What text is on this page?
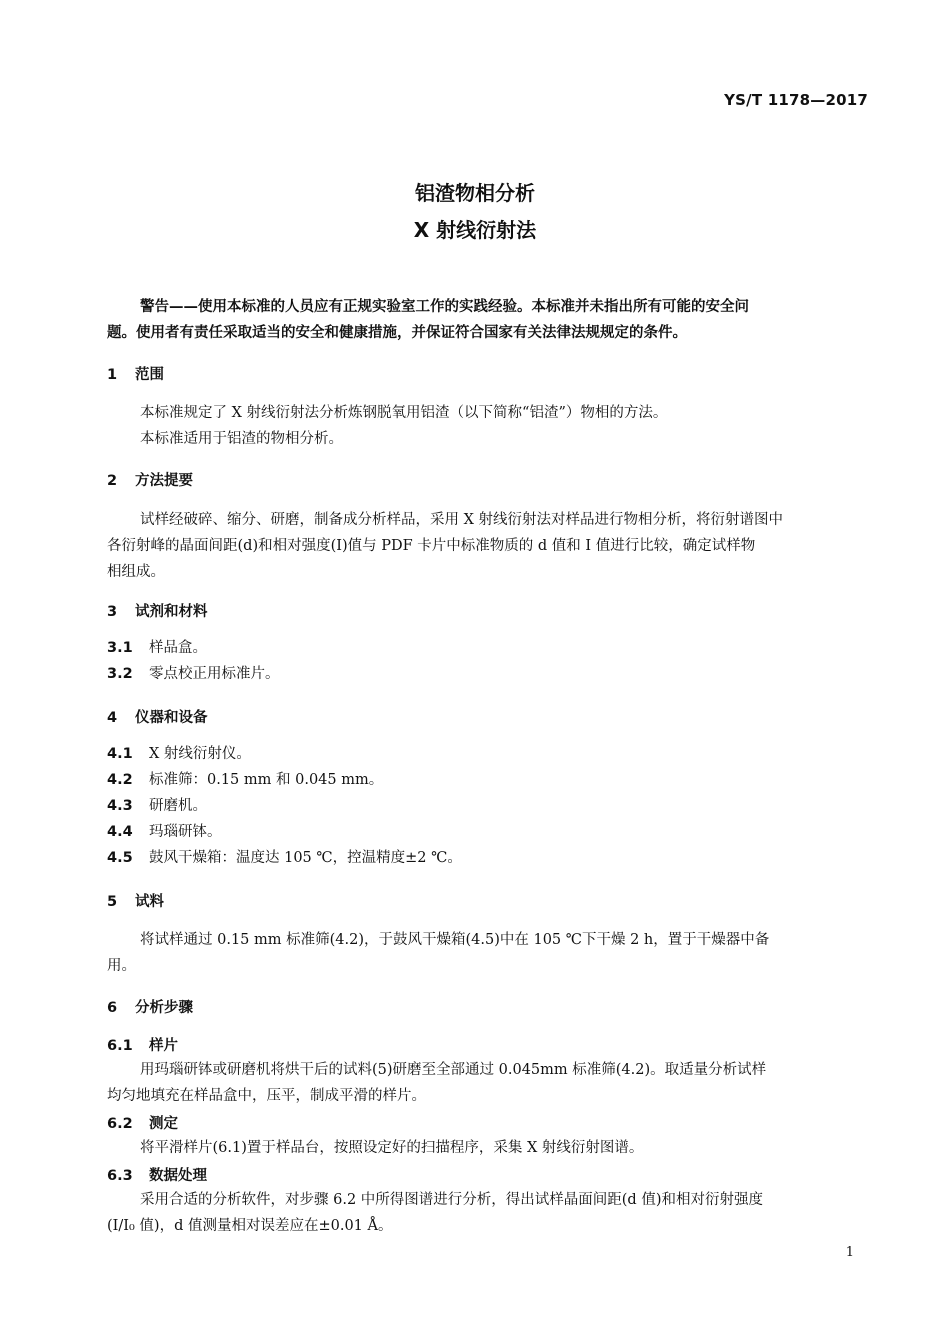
YS/T 1178—2017
铝渣物相分析
X 射线衍射法
警告——使用本标准的人员应有正规实验室工作的实践经验。本标准并未指出所有可能的安全问
题。使用者有责任采取适当的安全和健康措施，并保证符合国家有关法律法规规定的条件。
1 范围
本标准规定了 X 射线衍射法分析炼钢脱氧用铝渣（以下简称“铝渣”）物相的方法。
本标准适用于铝渣的物相分析。
2 方法提要
试样经破碎、缩分、研磨，制备成分析样品，采用 X 射线衍射法对样品进行物相分析，将衍射谱图中
各衍射峰的晶面间距(d)和相对强度(I)值与 PDF 卡片中标准物质的 d 值和 I 值进行比较，确定试样物
相组成。
3 试剂和材料
3.1 样品盒。
3.2 零点校正用标准片。
4 仪器和设备
4.1 X 射线衍射仪。
4.2 标准筛：0.15 mm 和 0.045 mm。
4.3 研磨机。
4.4 玛瑙研钵。
4.5 鼓风干燥箱：温度达 105 ℃，控温精度±2 ℃。
5 试料
将试样通过 0.15 mm 标准筛(4.2)，于鼓风干燥箱(4.5)中在 105 ℃下干燥 2 h，置于干燥器中备
用。
6 分析步骤
6.1 样片
用玛瑙研钵或研磨机将烘干后的试料(5)研磨至全部通过 0.045mm 标准筛(4.2)。取适量分析试样
均匀地填充在样品盒中，压平，制成平滑的样片。
6.2 测定
将平滑样片(6.1)置于样品台，按照设定好的扫描程序，采集 X 射线衍射图谱。
6.3 数据处理
采用合适的分析软件，对步骤 6.2 中所得图谱进行分析，得出试样晶面间距(d 值)和相对衍射强度
(I/I₀ 值)，d 值测量相对误差应在±0.01 Å。
1
